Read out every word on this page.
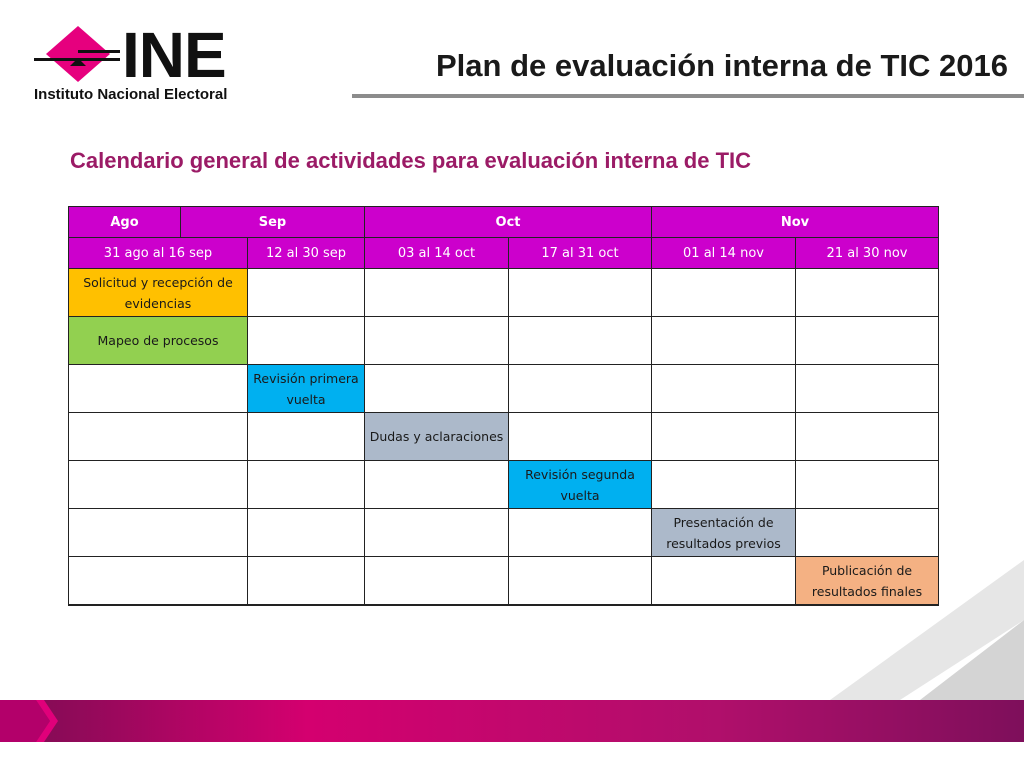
INE
Instituto Nacional Electoral
Plan de evaluación interna de TIC 2016
Calendario general de actividades para evaluación interna de TIC
Ago	Sep		Oct		Nov	
31 ago al 16 sep		12 al 30 sep	03 al 14 oct	17 al 31 oct	01 al 14 nov	21 al 30 nov
Solicitud y recepción de evidencias						
Mapeo de procesos						
		Revisión primera vuelta				
			Dudas y aclaraciones			
				Revisión segunda vuelta		
					Presentación de resultados previos	
						Publicación de resultados finales
